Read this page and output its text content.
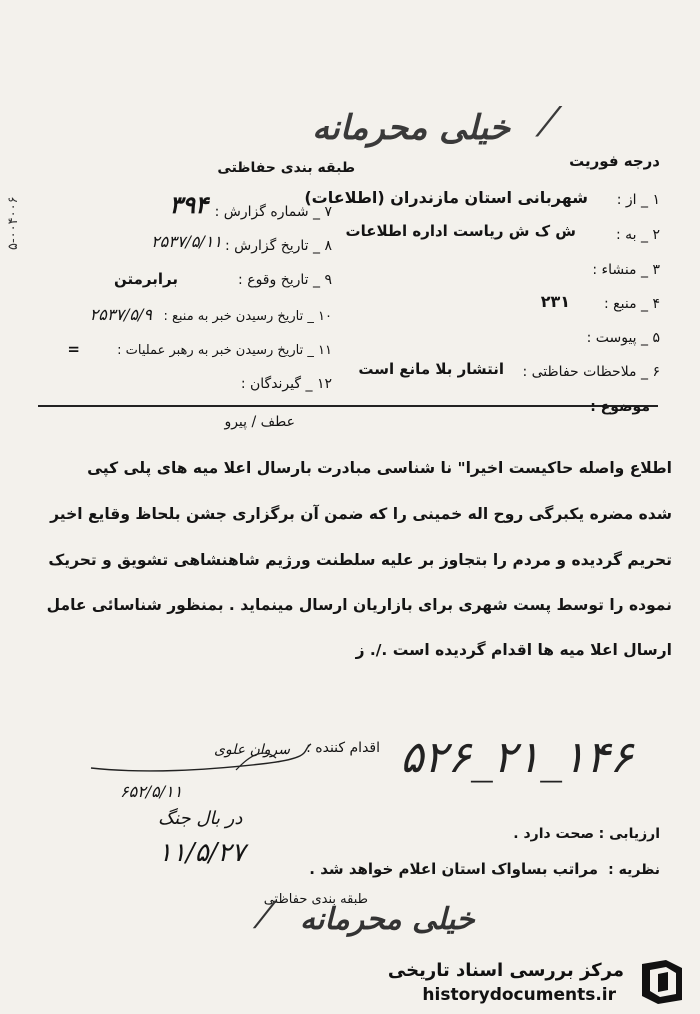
خیلی محرمانه ⁄
۵-۰۰۴۰۰۶
درجه فوریت
طبقه بندی حفاظتی
۱ _ از :
شهربانی استان مازندران (اطلاعات)
۲ _ به :
ش ک ش ریاست اداره اطلاعات
۳ _ منشاء :
۴ _ منبع :
۲۳۱
۵ _ پیوست :
۶ _ ملاحظات حفاظتی :
انتشار بلا مانع است
۷ _ شماره گزارش :
۳۹۴
۸ _ تاریخ گزارش :
۲۵۳۷/۵/۱۱
۹ _ تاریخ وقوع :
برابرمتن
۱۰ _ تاریخ رسیدن خبر به منبع :
۲۵۳۷/۵/۹
۱۱ _ تاریخ رسیدن خبر به رهبر عملیات :
=
۱۲ _ گیرندگان :
موضوع :
عطف / پیرو
اطلاع واصله حاکیست اخیرا" نا شناسی مبادرت بارسال اعلا میه های پلی کپی
شده مضره یکبرگی روح اله خمینی را که ضمن آن برگزاری جشن بلحاظ وقایع اخیر
تحریم گردیده و مردم را بتجاوز بر علیه سلطنت ورژیم شاهنشاهی تشویق و تحریک
نموده را توسط پست شهری برای بازاریان ارسال مینماید . بمنظور شناسائی عامل
ارسال اعلا میه ها اقدام گردیده است ./. ز
اقدام کننده :
سروان علوی	۵۲۶_۲۱_۱۴۶
۶۵۲/۵/۱۱
در بال جنگ
۱۱/۵/۲۷
ارزیابی :
صحت دارد .
نظریه :
مراتب بساواک استان اعلام خواهد شد .
طبقه بندی حفاظتی
خیلی محرمانه
⁄
مرکز بررسی اسناد تاریخی
historydocuments.ir
